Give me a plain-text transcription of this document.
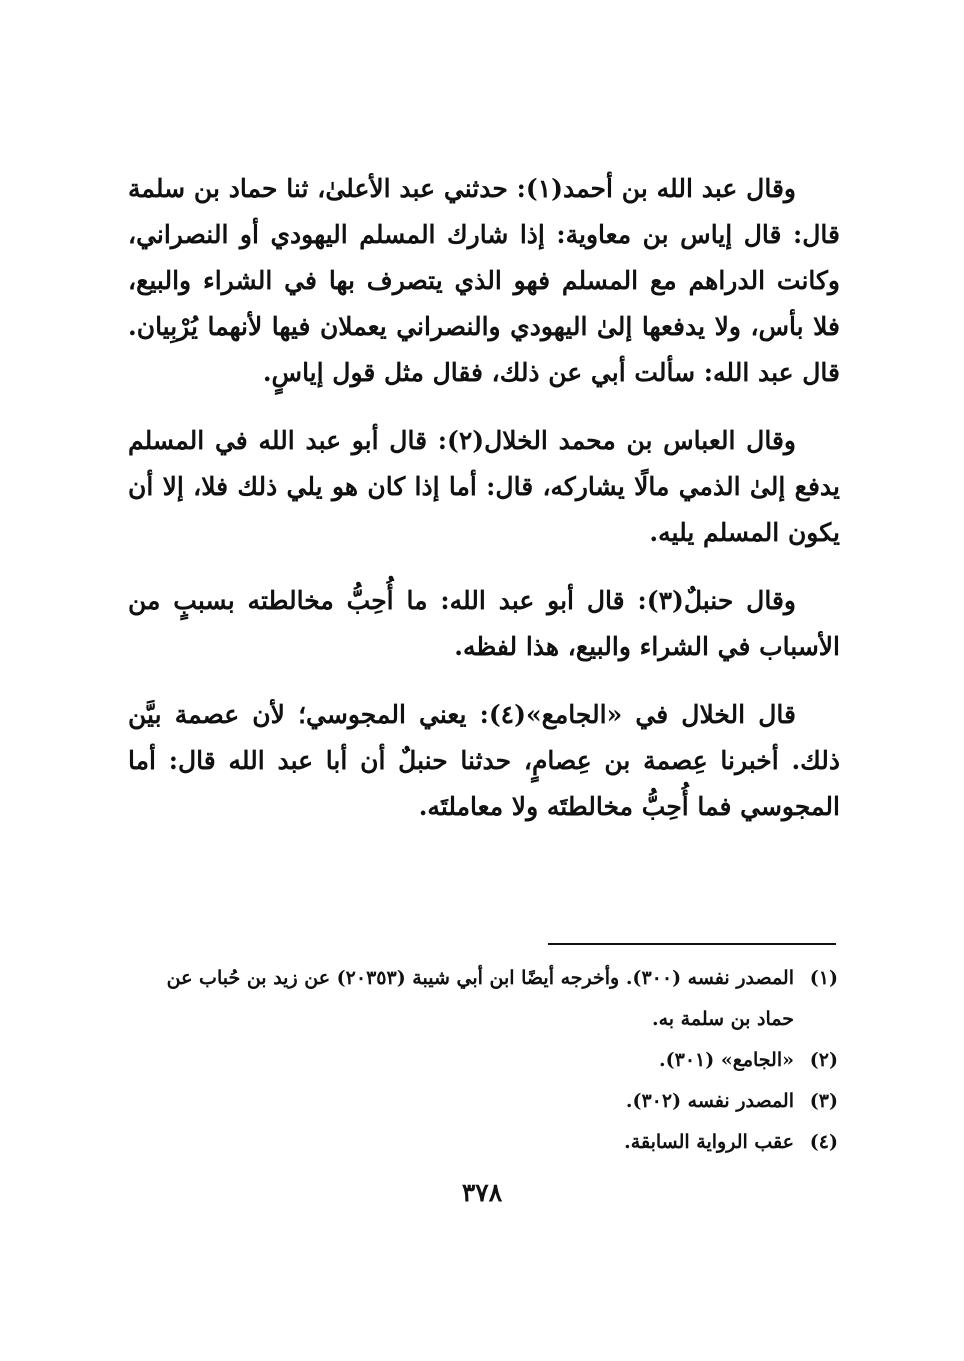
وقال عبد الله بن أحمد(١): حدثني عبد الأعلىٰ، ثنا حماد بن سلمة قال: قال إياس بن معاوية: إذا شارك المسلم اليهودي أو النصراني، وكانت الدراهم مع المسلم فهو الذي يتصرف بها في الشراء والبيع، فلا بأس، ولا يدفعها إلىٰ اليهودي والنصراني يعملان فيها لأنهما يُرْبِيان. قال عبد الله: سألت أبي عن ذلك، فقال مثل قول إياسٍ.

وقال العباس بن محمد الخلال(٢): قال أبو عبد الله في المسلم يدفع إلىٰ الذمي مالًا يشاركه، قال: أما إذا كان هو يلي ذلك فلا، إلا أن يكون المسلم يليه.

وقال حنبلٌ(٣): قال أبو عبد الله: ما أُحِبُّ مخالطته بسببٍ من الأسباب في الشراء والبيع، هذا لفظه.

قال الخلال في «الجامع»(٤): يعني المجوسي؛ لأن عصمة بيَّن ذلك. أخبرنا عِصمة بن عِصامٍ، حدثنا حنبلٌ أن أبا عبد الله قال: أما المجوسي فما أُحِبُّ مخالطتَه ولا معاملتَه.

(١)
المصدر نفسه (٣٠٠). وأخرجه أيضًا ابن أبي شيبة (٢٠٣٥٣) عن زيد بن حُباب عن حماد بن سلمة به.
(٢)
«الجامع» (٣٠١).
(٣)
المصدر نفسه (٣٠٢).
(٤)
عقب الرواية السابقة.
٣٧٨
